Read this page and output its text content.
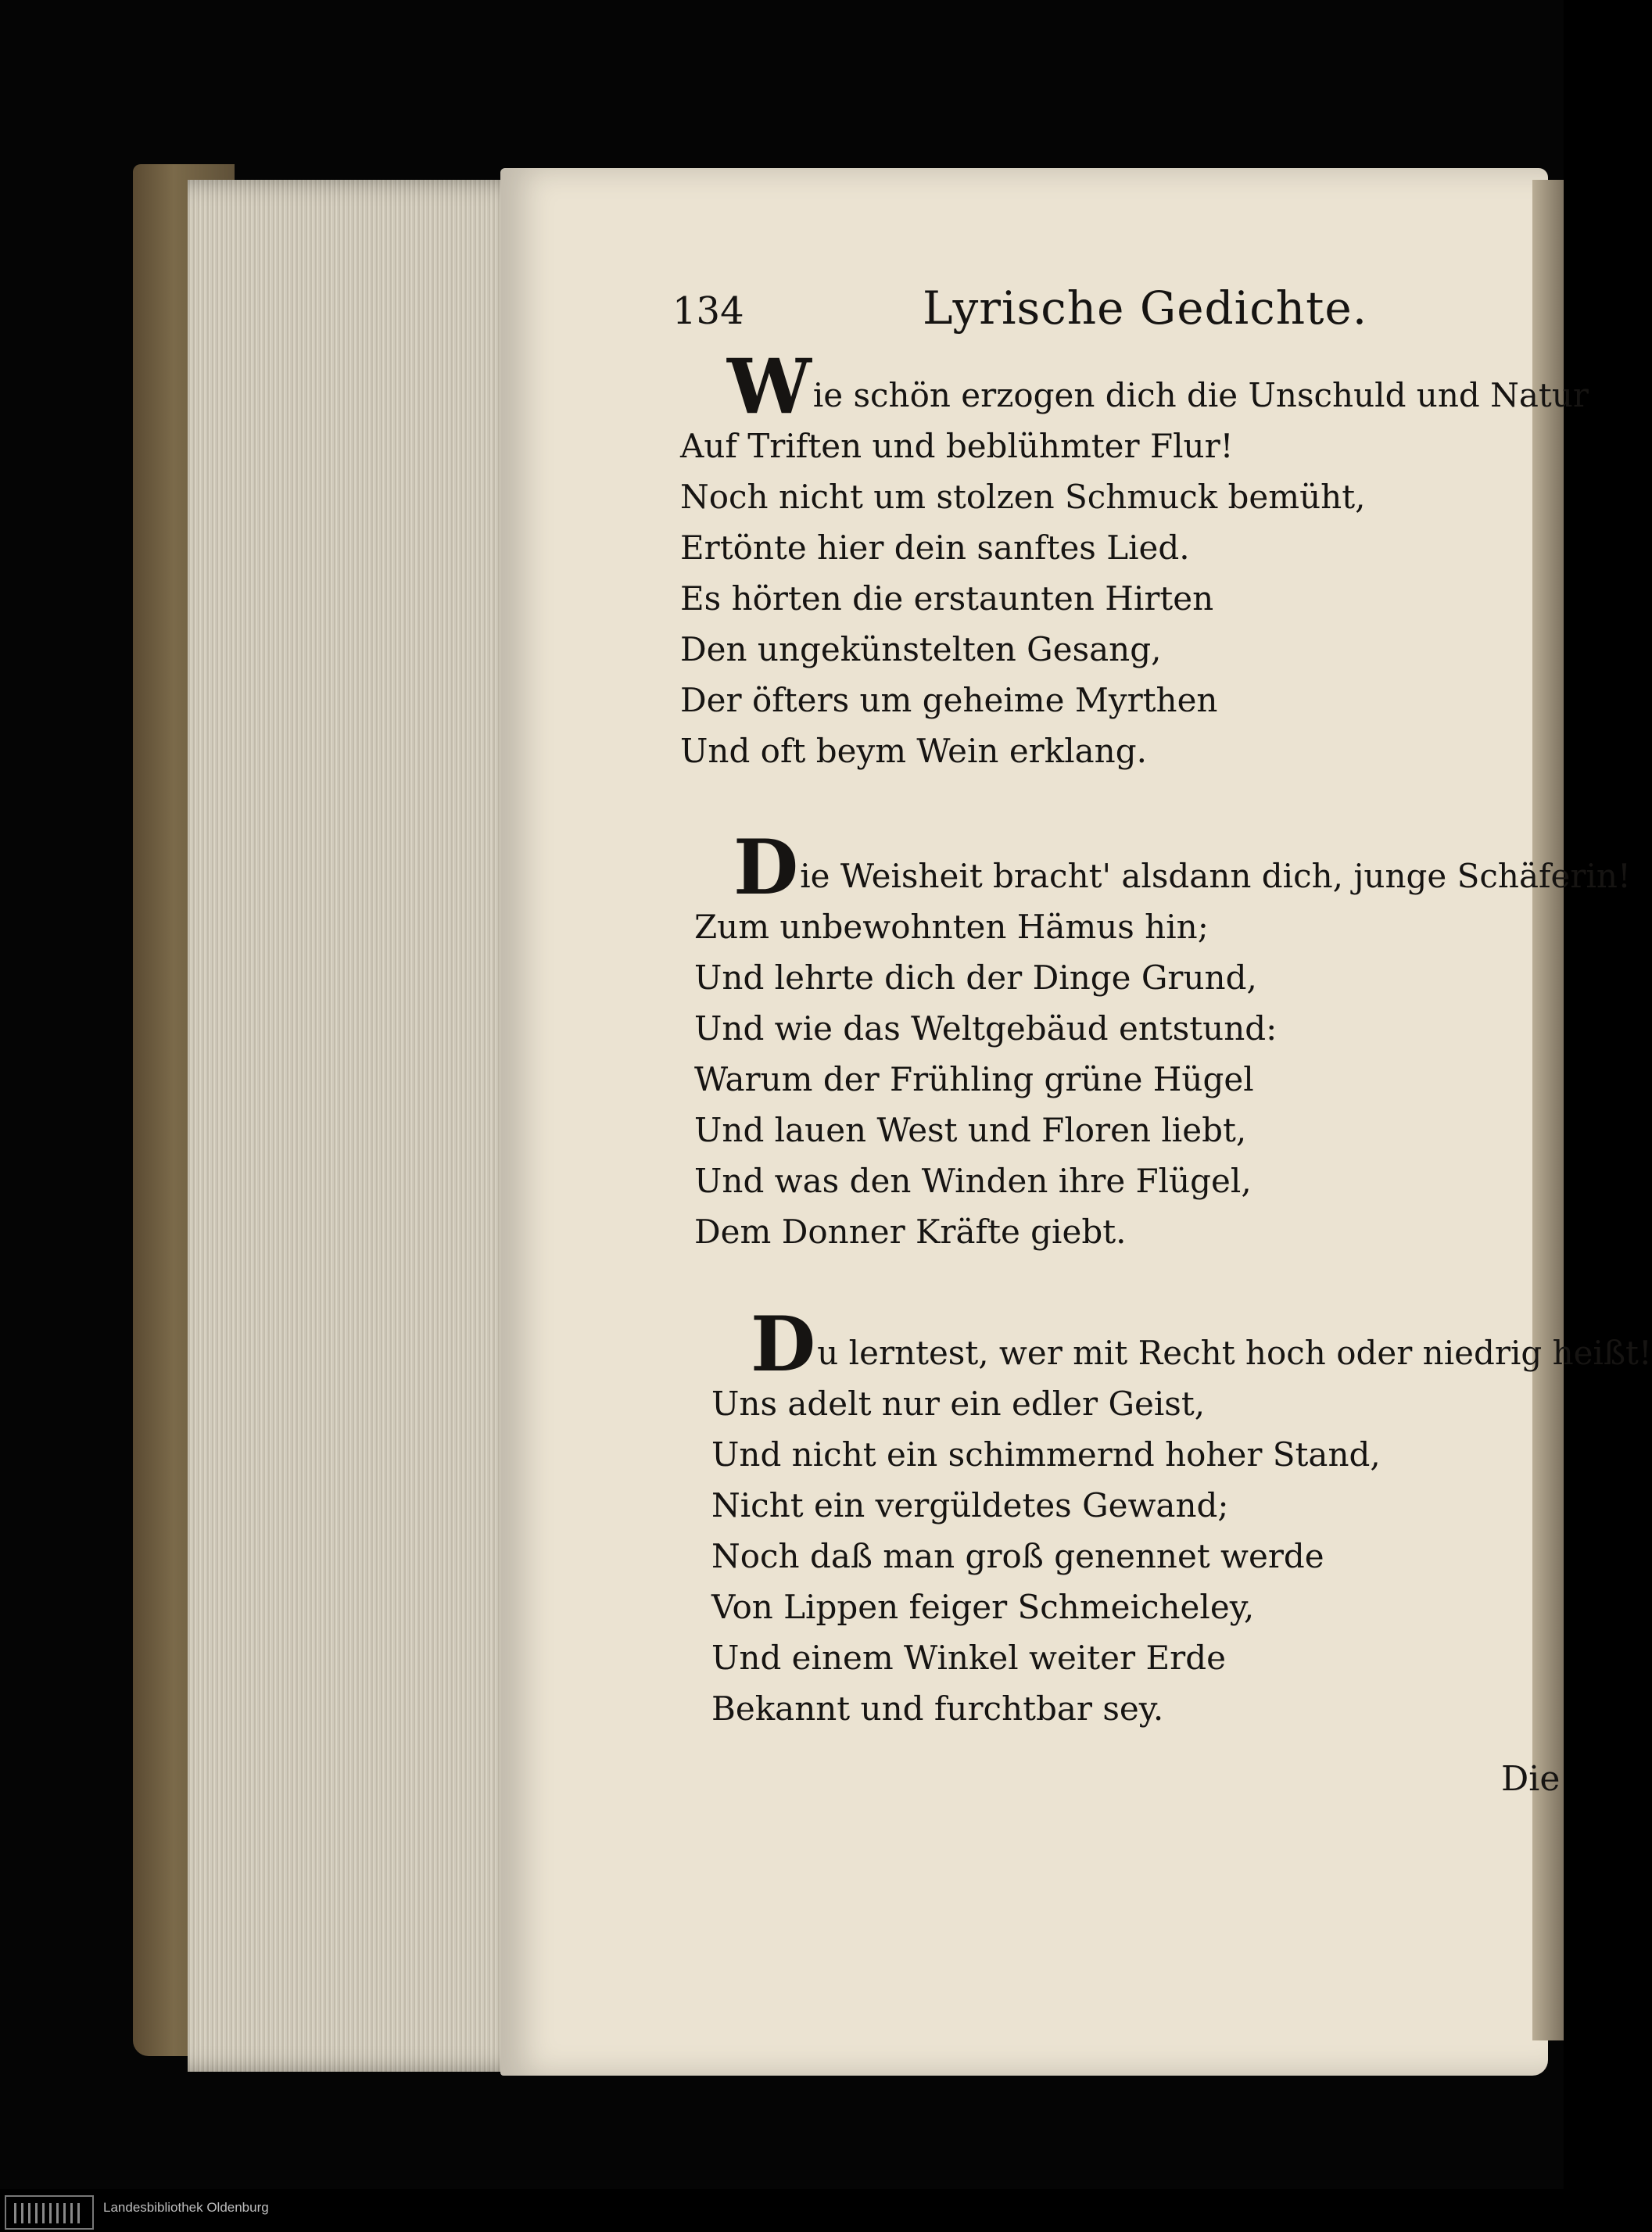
134	Lyrische Gedichte.
Wie schön erzogen dich die Unschuld und Natur
Auf Triften und beblühmter Flur!
Noch nicht um stolzen Schmuck bemüht,
Ertönte hier dein sanftes Lied.
Es hörten die erstaunten Hirten
Den ungekünstelten Gesang,
Der öfters um geheime Myrthen
Und oft beym Wein erklang.
Die Weisheit bracht' alsdann dich, junge Schäferin!
Zum unbewohnten Hämus hin;
Und lehrte dich der Dinge Grund,
Und wie das Weltgebäud entstund:
Warum der Frühling grüne Hügel
Und lauen West und Floren liebt,
Und was den Winden ihre Flügel,
Dem Donner Kräfte giebt.
Du lerntest, wer mit Recht hoch oder niedrig heißt!
Uns adelt nur ein edler Geist,
Und nicht ein schimmernd hoher Stand,
Nicht ein vergüldetes Gewand;
Noch daß man groß genennet werde
Von Lippen feiger Schmeicheley,
Und einem Winkel weiter Erde
Bekannt und furchtbar sey.
Die
Landesbibliothek Oldenburg
